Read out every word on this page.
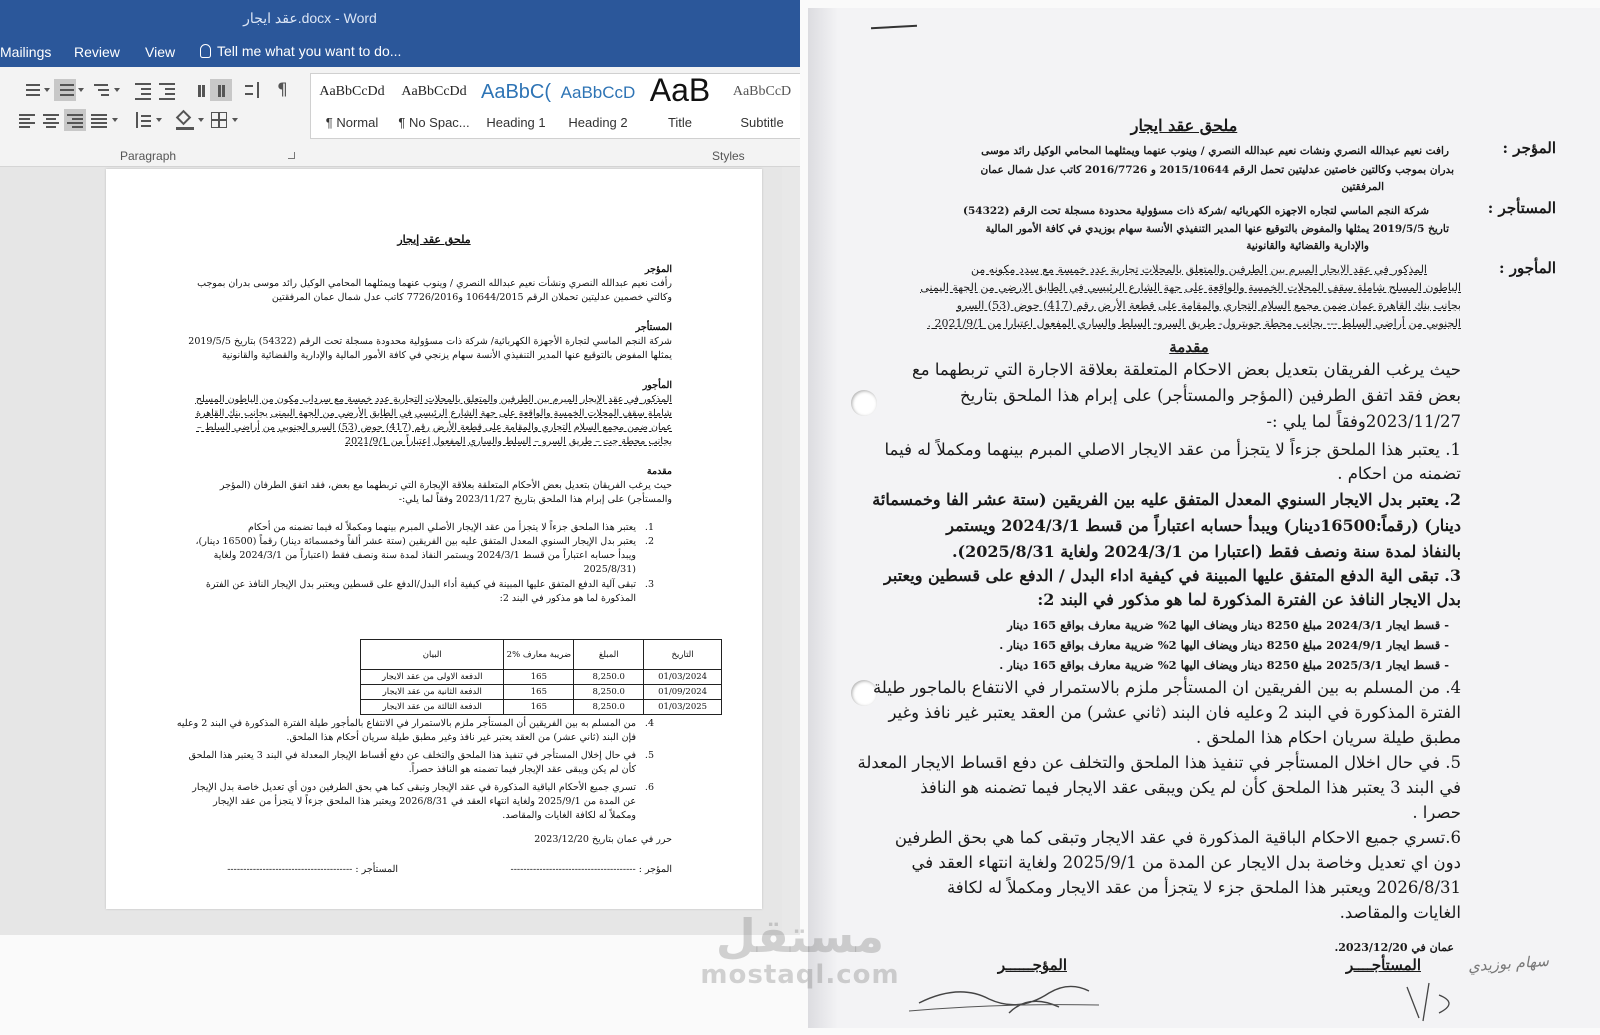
عقد ايجار.docx - Word
Mailings Review View	Tell me what you want to do...
¶
Paragraph
AaBbCcDd
¶ Normal
AaBbCcDd
¶ No Spac...
AaBbC(
Heading 1
AaBbCcD
Heading 2
AaB
Title
AaBbCcD
Subtitle
Styles
ملحق عقد إيجار
المؤجر
رأفت نعيم عبدالله النصري ونشأت نعيم عبدالله النصري / وينوب عنهما ويمثلهما المحامي الوكيل رائد موسى بدران بموجب
وكالتي خصمين عدليتين تحملان الرقم 10644/2015 و7726/2016 كاتب عدل شمال عمان المرفقتين
المستأجر
شركة النجم الماسي لتجارة الأجهزة الكهربائية/ شركة ذات مسؤولية محدودة مسجلة تحت الرقم (54322) بتاريخ 2019/5/5
يمثلها المفوض بالتوقيع عنها المدير التنفيذي الأنسة سهام يزنجي في كافة الأمور المالية والإدارية والقضائية والقانونية
المأجور
المذكور في عقد الإيجار المبرم بين الطرفين والمتعلق بالمحلات التجارية عدد خمسة مع سرداب مكون من الباطون المسلح
شاملة سقف المحلات الخمسة والواقعة على جهة الشارع الرئيسي في الطابق الأرضي من الجهة اليمنى بجانب بنك القاهرة
عمان ضمن مجمع السلام التجاري والمقامة على قطعة الأرض رقم (417) حوض (53) السرو الجنوبي من أراضي السلط –
بجانب محطة جت – طريق السرو – السلط والساري المفعول اعتباراً من 2021/9/1
مقدمة
حيث يرغب الفريقان بتعديل بعض الأحكام المتعلقة بعلاقة الإيجارة التي تربطهما مع بعض، فقد اتفق الطرفان (المؤجر
والمستأجر) على إبرام هذا الملحق بتاريخ 2023/11/27 وفقاً لما يلي:-
1.
يعتبر هذا الملحق جزءاً لا يتجزأ من عقد الإيجار الأصلي المبرم بينهما ومكملاً له فيما تضمنه من أحكام
2.
يعتبر بدل الإيجار السنوي المعدل المتفق عليه بين الفريقين (ستة عشر ألفاً وخمسمائة دينار) رقماً (16500 دينار)،
ويبدأ حسابه اعتباراً من قسط 2024/3/1 ويستمر النفاذ لمدة سنة ونصف فقط (اعتباراً من 2024/3/1 ولغاية
(2025/8/31
3.
تبقى آلية الدفع المتفق عليها المبينة في كيفية أداء البدل/الدفع على قسطين ويعتبر بدل الإيجار النافذ عن الفترة
المذكورة لما هو مذكور في البند 2:
التاريخ	المبلغ	ضريبة معارف %2	البيان
01/03/2024	8,250.0	165	الدفعة الاولى من عقد الايجار
01/09/2024	8,250.0	165	الدفعة الثانية من عقد الايجار
01/03/2025	8,250.0	165	الدفعة الثالثة من عقد الايجار
4.
من المسلم به بين الفريقين أن المستأجر ملزم بالاستمرار في الانتفاع بالمأجور طيلة الفترة المذكورة في البند 2 وعليه
فإن البند (ثاني عشر) من العقد يعتبر غير نافذ وغير مطبق طيلة سريان أحكام هذا الملحق.
5.
في حال إخلال المستأجر في تنفيذ هذا الملحق والتخلف عن دفع أقساط الإيجار المعدلة في البند 3 يعتبر هذا الملحق
كأن لم يكن ويبقى عقد الإيجار فيما تضمنه هو النافذ حصراً.
6.
تسري جميع الأحكام الباقية المذكورة في عقد الإيجار وتبقى كما هي بحق الطرفين دون أي تعديل خاصة بدل الإيجار
عن المدة من 2025/9/1 ولغاية انتهاء العقد في 2026/8/31 ويعتبر هذا الملحق جزءاً لا يتجزأ من عقد الإيجار
ومكملاً له لكافة الغايات والمقاصد.
حرر في عمان بتاريخ 2023/12/20
المؤجر : ---------------------------------------
المستأجر : ---------------------------------------
ملحق عقد ايجار
المؤجر :
رافت نعيم عبدالله النصري ونشات نعيم عبدالله النصري / وينوب عنهما ويمثلهما المحامي الوكيل رائد موسى
بدران بموجب وكالتين خاصتين عدليتين تحمل الرقم 2015/10644 و 2016/7726 كاتب عدل شمال عمان
المرفقتين
المستأجر :
شركة النجم الماسي لتجاره الاجهزه الكهربائيه /شركة ذات مسؤولية محدودة مسجلة تحت الرقم (54322)
تاريخ 2019/5/5 يمثلها والمفوض بالتوقيع عنها المدير التنفيذي الأنسة سهام بوزيدي في كافة الأمور المالية
والإدارية والقضائية والقانونية
المأجور :
المذكور في عقد الايجار المبرم بين الطرفين والمتعلق بالمحلات تجارية عدد خمسة مع سدد مكونه من
الباطون المسلح شاملة سقف المحلات الخمسة والواقعة على جهة الشارع الرئيسي في الطابق الارضي من الجهة اليمنى
بجانب بنك القاهرة عمان ضمن مجمع السلام التجاري والمقامة على قطعة الأرض رقم (417) حوض (53) السرو
الجنوبي من أراضي السلط --- بجانب محطة جوبترول- طريق السرو- السلط والساري المفعول اعتبارا من 2021/9/1 .
مقدمة
حيث يرغب الفريقان بتعديل بعض الاحكام المتعلقة بعلاقة الاجارة التي تربطهما مع
بعض فقد اتفق الطرفين (المؤجر والمستأجر) على إبرام هذا الملحق بتاريخ
2023/11/27وفقاً لما يلي :-
1. يعتبر هذا الملحق جزءاً لا يتجزأ من عقد الايجار الاصلي المبرم بينهما ومكملاً له فيما
تضمنه من احكام .
2. يعتبر بدل الايجار السنوي المعدل المتفق عليه بين الفريقين (ستة عشر الفا وخمسمائة
دينار) (رقماً:16500دينار) ويبدأ حسابه اعتباراً من قسط 2024/3/1 ويستمر
بالنفاذ لمدة سنة ونصف فقط (اعتبارا من 2024/3/1 ولغاية 2025/8/31).
3. تبقى الية الدفع المتفق عليها المبينة في كيفية اداء البدل / الدفع على قسطين ويعتبر
بدل الايجار النافذ عن الفترة المذكورة لما هو مذكور في البند 2:
- قسط ايجار 2024/3/1 مبلغ 8250 دينار ويضاف اليها 2% ضريبة معارف بواقع 165 دينار
- قسط ايجار 2024/9/1 مبلغ 8250 دينار ويضاف اليها 2% ضريبة معارف بواقع 165 دينار .
- قسط ايجار 2025/3/1 مبلغ 8250 دينار ويضاف اليها 2% ضريبة معارف بواقع 165 دينار .
4. من المسلم به بين الفريقين ان المستأجر ملزم بالاستمرار في الانتفاع بالماجور طيلة
الفترة المذكورة في البند 2 وعليه فان البند (ثاني عشر) من العقد يعتبر غير نافذ وغير
مطبق طيلة سريان احكام هذا الملحق .
5. في حال اخلال المستأجر في تنفيذ هذا الملحق والتخلف عن دفع اقساط الايجار المعدلة
في البند 3 يعتبر هذا الملحق كأن لم يكن ويبقى عقد الايجار فيما تضمنه هو النافذ
حصرا .
6.تسري جميع الاحكام الباقية المذكورة في عقد الايجار وتبقى كما هي بحق الطرفين
دون اي تعديل وخاصة بدل الايجار عن المدة من 2025/9/1 ولغاية انتهاء العقد في
2026/8/31 ويعتبر هذا الملحق جزء لا يتجزأ من عقد الايجار ومكملاً له لكافة
الغايات والمقاصد.
عمان في 2023/12/20.
المستأجــــر
المؤجــــــر	سهام بوزيدي
مستقل
mostaql.com
